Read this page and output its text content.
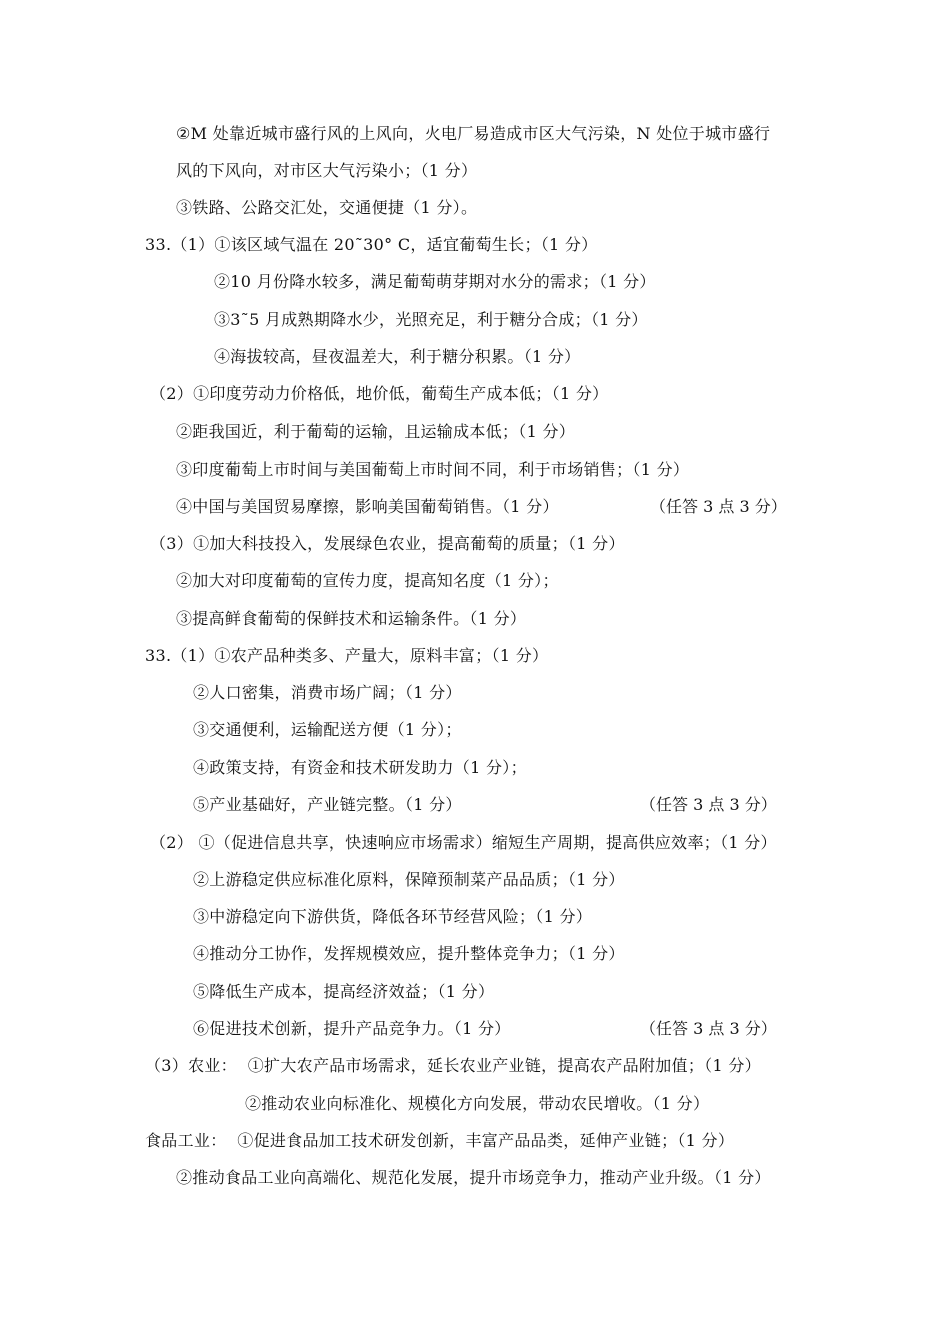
②M 处靠近城市盛行风的上风向，火电厂易造成市区大气污染，N 处位于城市盛行
风的下风向，对市区大气污染小；（1 分）
③铁路、公路交汇处，交通便捷（1 分）。
33.（1）①该区域气温在 20˜30° C，适宜葡萄生长；（1 分）
②10 月份降水较多，满足葡萄萌芽期对水分的需求；（1 分）
③3˜5 月成熟期降水少，光照充足，利于糖分合成；（1 分）
④海拔较高，昼夜温差大，利于糖分积累。（1 分）
（2）①印度劳动力价格低，地价低，葡萄生产成本低；（1 分）
②距我国近，利于葡萄的运输，且运输成本低；（1 分）
③印度葡萄上市时间与美国葡萄上市时间不同，利于市场销售；（1 分）
④中国与美国贸易摩擦，影响美国葡萄销售。（1 分）	（任答 3 点 3 分）
（3）①加大科技投入，发展绿色农业，提高葡萄的质量；（1 分）
②加大对印度葡萄的宣传力度，提高知名度（1 分）；
③提高鲜食葡萄的保鲜技术和运输条件。（1 分）
33.（1）①农产品种类多、产量大，原料丰富；（1 分）
②人口密集，消费市场广阔；（1 分）
③交通便利，运输配送方便（1 分）；
④政策支持，有资金和技术研发助力（1 分）；
⑤产业基础好，产业链完整。（1 分）	（任答 3 点 3 分）
（2） ①（促进信息共享，快速响应市场需求）缩短生产周期，提高供应效率；（1 分）
②上游稳定供应标准化原料，保障预制菜产品品质；（1 分）
③中游稳定向下游供货，降低各环节经营风险；（1 分）
④推动分工协作，发挥规模效应，提升整体竞争力；（1 分）
⑤降低生产成本，提高经济效益；（1 分）
⑥促进技术创新，提升产品竞争力。（1 分）	（任答 3 点 3 分）
（3）农业：  ①扩大农产品市场需求，延长农业产业链，提高农产品附加值；（1 分）
②推动农业向标准化、规模化方向发展，带动农民增收。（1 分）
食品工业：  ①促进食品加工技术研发创新，丰富产品品类，延伸产业链；（1 分）
②推动食品工业向高端化、规范化发展，提升市场竞争力，推动产业升级。（1 分）
